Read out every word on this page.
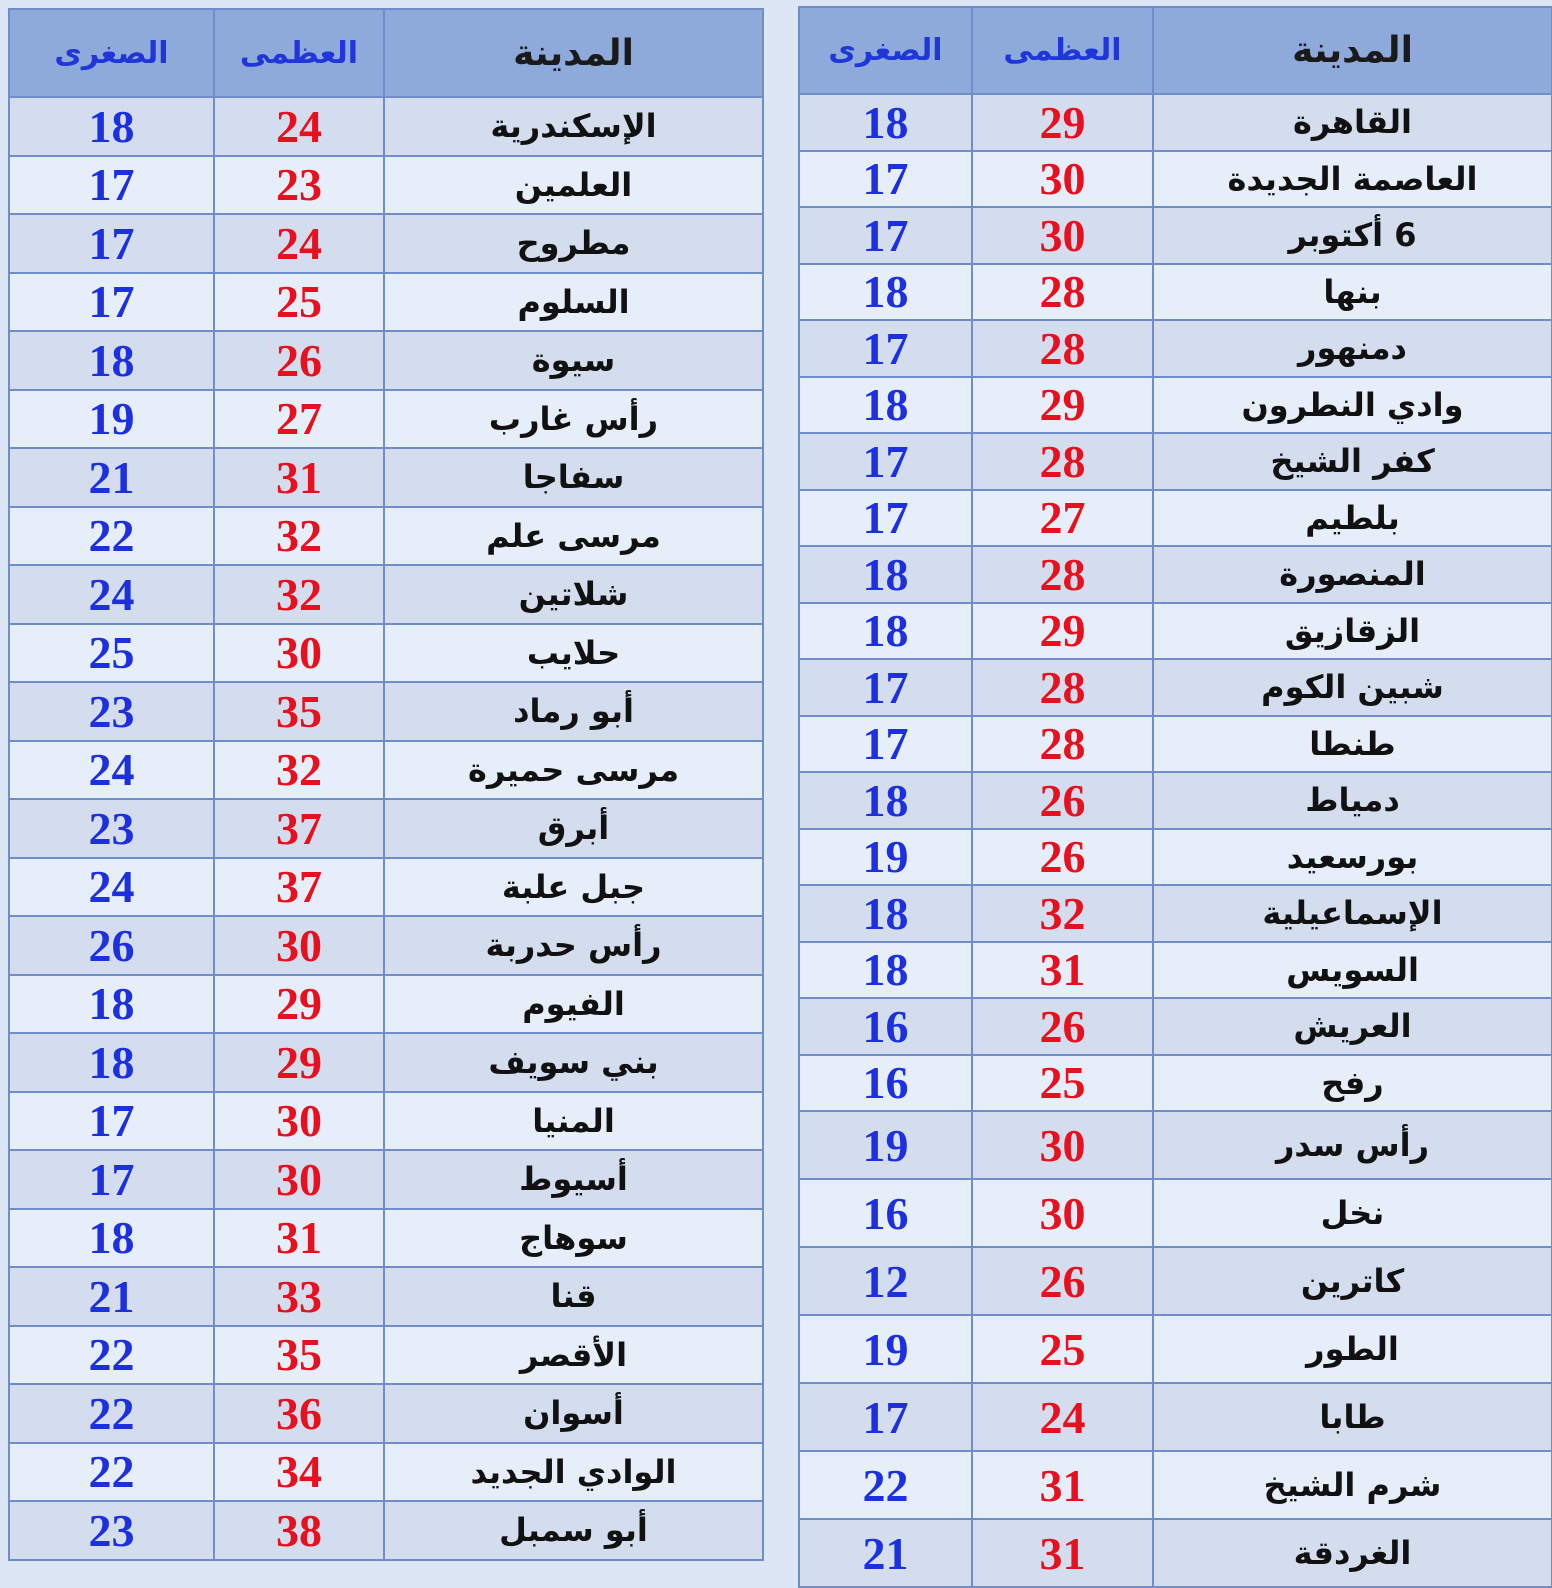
الصغرى	العظمى	المدينة
18	24	الإسكندرية
17	23	العلمين
17	24	مطروح
17	25	السلوم
18	26	سيوة
19	27	رأس غارب
21	31	سفاجا
22	32	مرسى علم
24	32	شلاتين
25	30	حلايب
23	35	أبو رماد
24	32	مرسى حميرة
23	37	أبرق
24	37	جبل علبة
26	30	رأس حدربة
18	29	الفيوم
18	29	بني سويف
17	30	المنيا
17	30	أسيوط
18	31	سوهاج
21	33	قنا
22	35	الأقصر
22	36	أسوان
22	34	الوادي الجديد
23	38	أبو سمبل
الصغرى	العظمى	المدينة
18	29	القاهرة
17	30	العاصمة الجديدة
17	30	6 أكتوبر
18	28	بنها
17	28	دمنهور
18	29	وادي النطرون
17	28	كفر الشيخ
17	27	بلطيم
18	28	المنصورة
18	29	الزقازيق
17	28	شبين الكوم
17	28	طنطا
18	26	دمياط
19	26	بورسعيد
18	32	الإسماعيلية
18	31	السويس
16	26	العريش
16	25	رفح
19	30	رأس سدر
16	30	نخل
12	26	كاترين
19	25	الطور
17	24	طابا
22	31	شرم الشيخ
21	31	الغردقة
